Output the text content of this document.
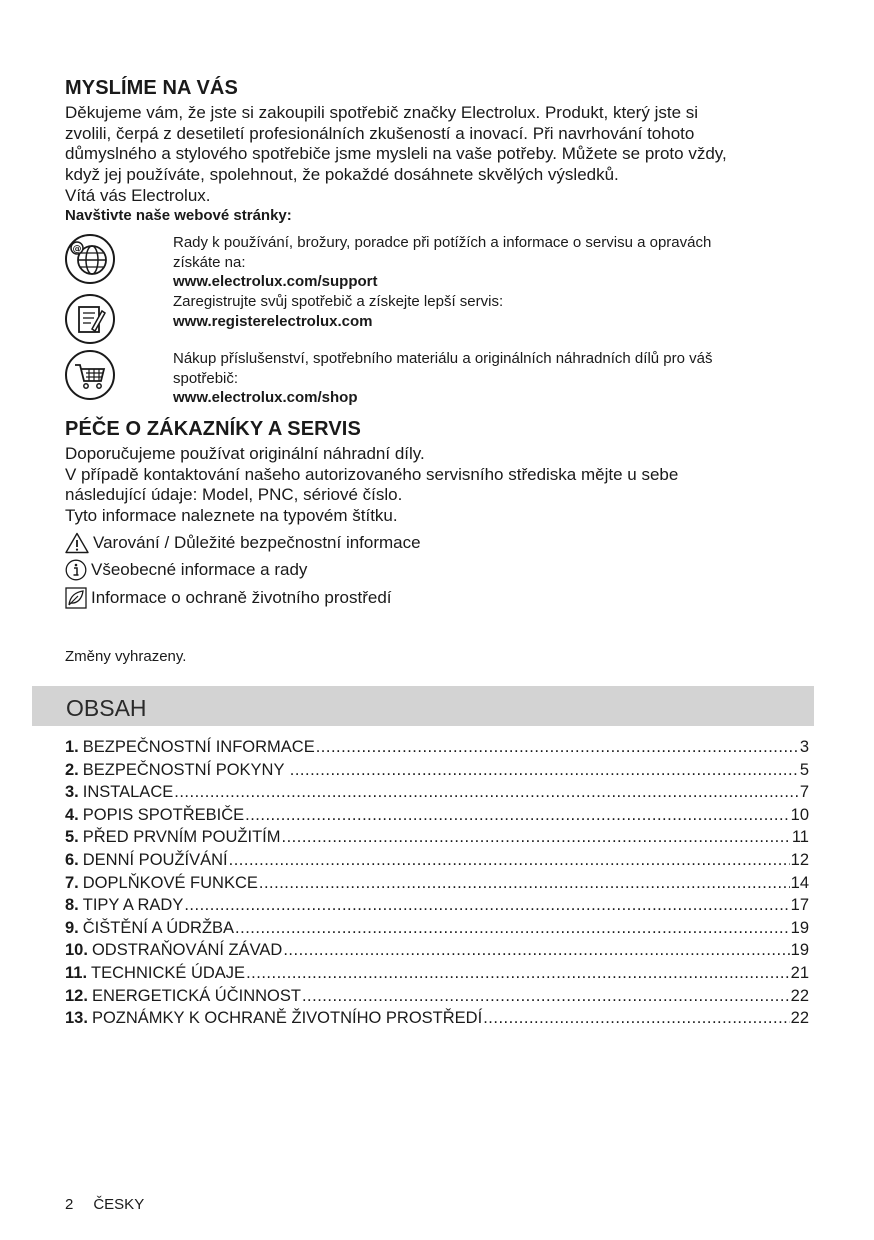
MYSLÍME NA VÁS
Děkujeme vám, že jste si zakoupili spotřebič značky Electrolux. Produkt, který jste si
zvolili, čerpá z desetiletí profesionálních zkušeností a inovací. Při navrhování tohoto
důmyslného a stylového spotřebiče jsme mysleli na vaše potřeby. Můžete se proto vždy,
když jej používáte, spolehnout, že pokaždé dosáhnete skvělých výsledků.
Vítá vás Electrolux.
Navštivte naše webové stránky:
@	Rady k používání, brožury, poradce při potížích a informace o servisu a opravách
získáte na:
www.electrolux.com/support
Zaregistrujte svůj spotřebič a získejte lepší servis:
www.registerelectrolux.com
Nákup příslušenství, spotřebního materiálu a originálních náhradních dílů pro váš
spotřebič:
www.electrolux.com/shop
PÉČE O ZÁKAZNÍKY A SERVIS
Doporučujeme používat originální náhradní díly.
V případě kontaktování našeho autorizovaného servisního střediska mějte u sebe
následující údaje: Model, PNC, sériové číslo.
Tyto informace naleznete na typovém štítku.
Varování / Důležité bezpečnostní informace
Všeobecné informace a rady
Informace o ochraně životního prostředí
Změny vyhrazeny.
OBSAH
1. BEZPEČNOSTNÍ INFORMACE .....	3
2. BEZPEČNOSTNÍ POKYNY .....	5
3. INSTALACE .....	7
4. POPIS SPOTŘEBIČE .....	10
5. PŘED PRVNÍM POUŽITÍM .....	11
6. DENNÍ POUŽÍVÁNÍ .....	12
7. DOPLŇKOVÉ FUNKCE .....	14
8. TIPY A RADY .....	17
9. ČIŠTĚNÍ A ÚDRŽBA .....	19
10. ODSTRAŇOVÁNÍ ZÁVAD .....	19
11. TECHNICKÉ ÚDAJE .....	21
12. ENERGETICKÁ ÚČINNOST .....	22
13. POZNÁMKY K OCHRANĚ ŽIVOTNÍHO PROSTŘEDÍ .....	22
2 ČESKY
